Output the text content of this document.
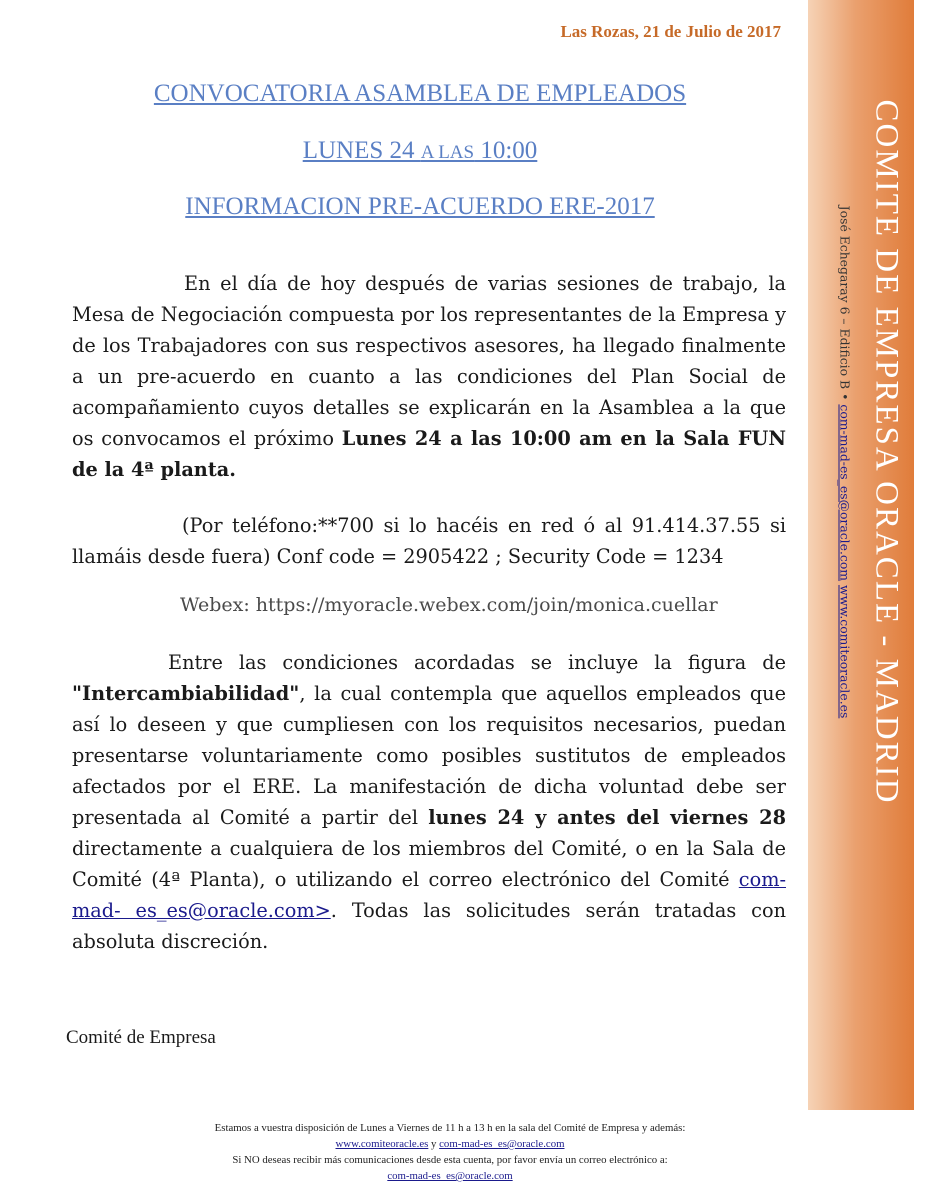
COMITE DE EMPRESA ORACLE - MADRID
José Echegaray 6 – Edificio B • com-mad-es_es@oracle.com www.comiteoracle.es
Las Rozas, 21 de Julio de 2017
CONVOCATORIA ASAMBLEA DE EMPLEADOS
LUNES 24 A LAS 10:00
INFORMACION PRE-ACUERDO ERE-2017
En el día de hoy después de varias sesiones de trabajo, la Mesa de Negociación compuesta por los representantes de la Empresa y de los Trabajadores con sus respectivos asesores, ha llegado finalmente a un pre-acuerdo en cuanto a las condiciones del Plan Social de acompañamiento cuyos detalles se explicarán en la Asamblea a la que os convocamos el próximo Lunes 24 a las 10:00 am en la Sala FUN de la 4ª planta.
(Por teléfono:**700 si lo hacéis en red ó al 91.414.37.55 si llamáis desde fuera) Conf code = 2905422 ; Security Code = 1234
Webex: https://myoracle.webex.com/join/monica.cuellar
Entre las condiciones acordadas se incluye la figura de "Intercambiabilidad", la cual contempla que aquellos empleados que así lo deseen y que cumpliesen con los requisitos necesarios, puedan presentarse voluntariamente como posibles sustitutos de empleados afectados por el ERE. La manifestación de dicha voluntad debe ser presentada al Comité a partir del lunes 24 y antes del viernes 28 directamente a cualquiera de los miembros del Comité, o en la Sala de Comité (4ª Planta), o utilizando el correo electrónico del Comité com-mad- es_es@oracle.com>. Todas las solicitudes serán tratadas con absoluta discreción.
Comité de Empresa
Estamos a vuestra disposición de Lunes a Viernes de 11 h a 13 h en la sala del Comité de Empresa y además:
www.comiteoracle.es y com-mad-es_es@oracle.com
Si NO deseas recibir más comunicaciones desde esta cuenta, por favor envía un correo electrónico a:
com-mad-es_es@oracle.com
